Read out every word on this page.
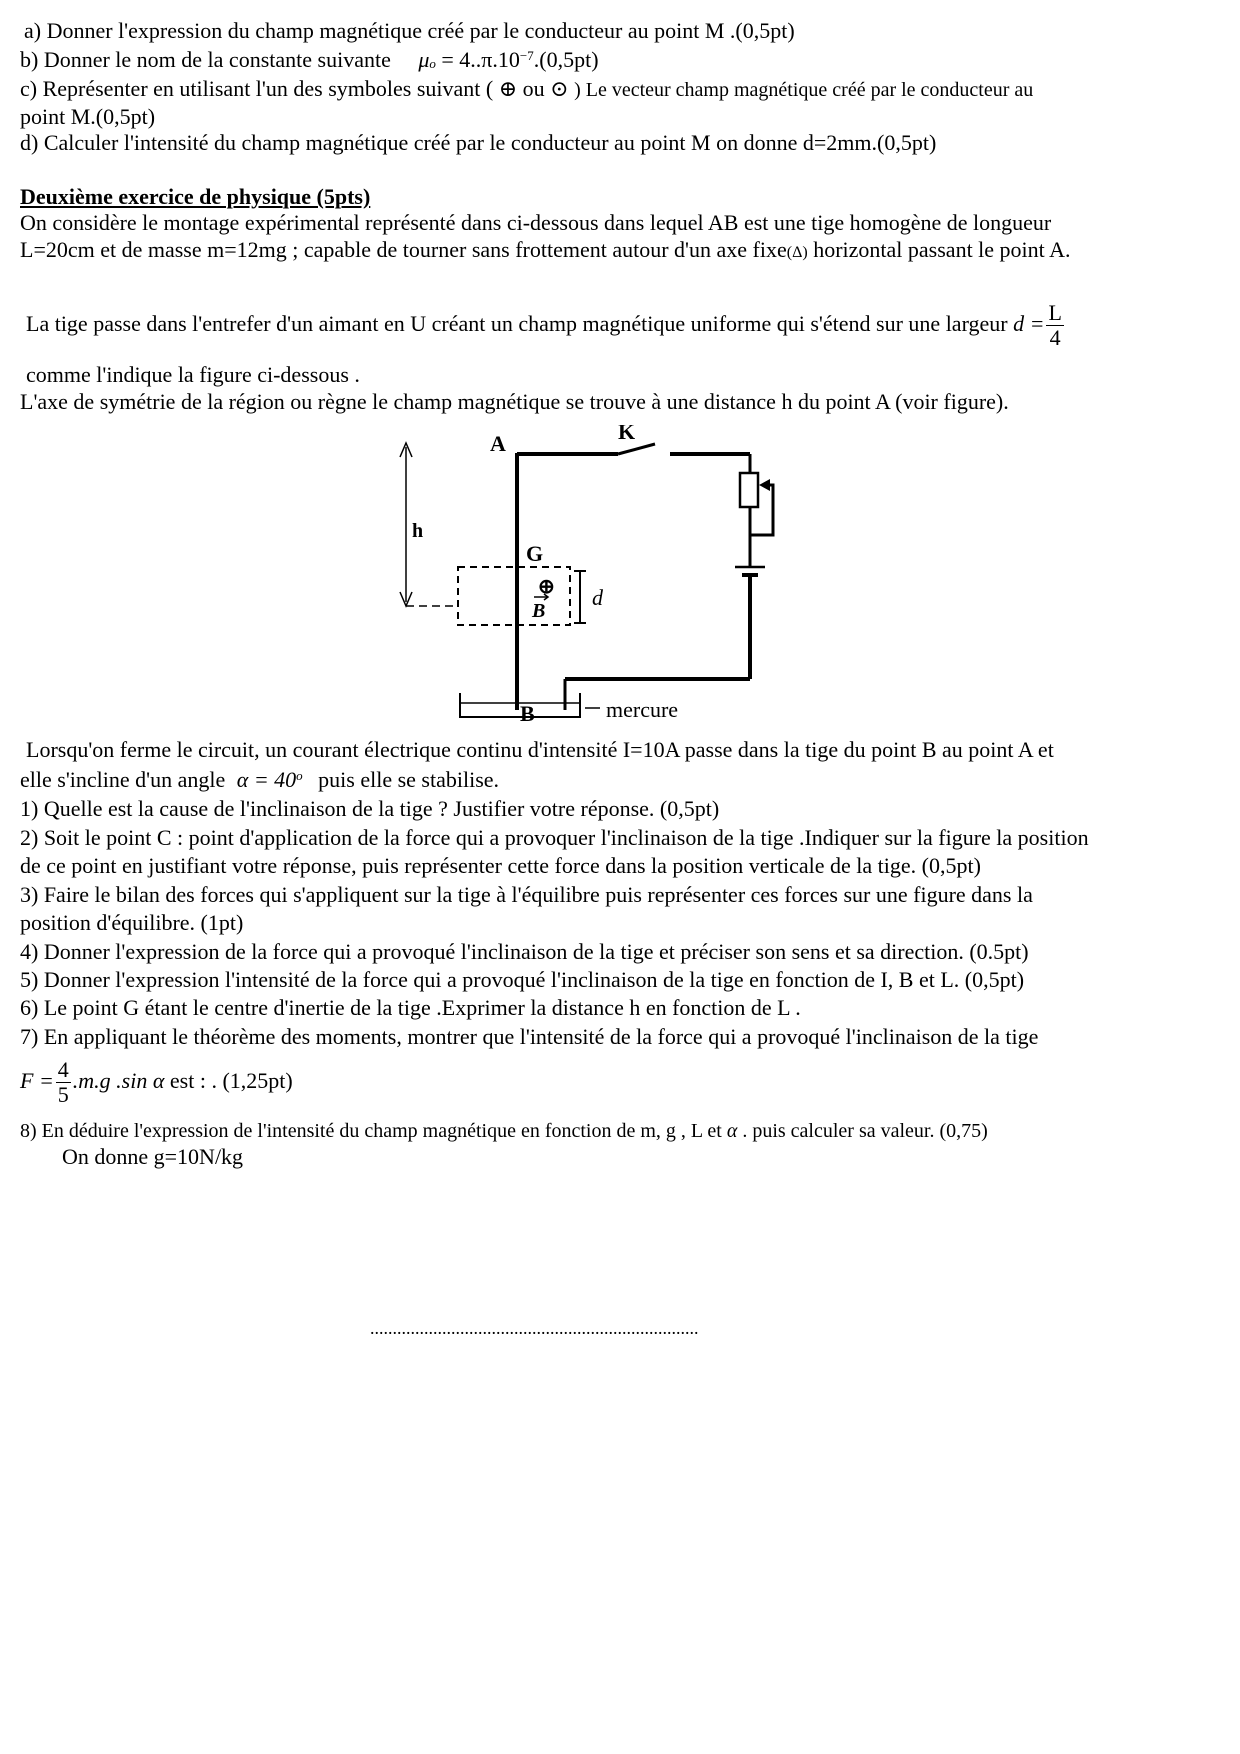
a) Donner l'expression du champ magnétique créé par le conducteur au point M .(0,5pt)
b) Donner le nom de la constante suivante $\mu_o = 4..\pi.10^{-7}.(0,5pt)$
c) Représenter en utilisant l'un des symboles suivant ( ⊕ ou ⊙ ) Le vecteur champ magnétique créé par le conducteur au
point M.(0,5pt)
d) Calculer l'intensité du champ magnétique créé par le conducteur au point M on donne d=2mm.(0,5pt)
Deuxième exercice de physique (5pts)
On considère le montage expérimental représenté dans ci-dessous dans lequel AB est une tige homogène de longueur
L=20cm et de masse m=12mg ; capable de tourner sans frottement autour d'un axe fixe(Δ) horizontal passant le point A.
La tige passe dans l'entrefer d'un aimant en U créant un champ magnétique uniforme qui s'étend sur une largeur $d = \frac{L}{4}$
comme l'indique la figure ci-dessous .
L'axe de symétrie de la région ou règne le champ magnétique se trouve à une distance h du point A (voir figure).
h
A	K
G
⊕
B
d
B	mercure
Lorsqu'on ferme le circuit, un courant électrique continu d'intensité I=10A passe dans la tige du point B au point A et
elle s'incline d'un angle $\alpha = 40^o$ puis elle se stabilise.
1) Quelle est la cause de l'inclinaison de la tige ? Justifier votre réponse. (0,5pt)
2) Soit le point C : point d'application de la force qui a provoquer l'inclinaison de la tige .Indiquer sur la figure la position
de ce point en justifiant votre réponse, puis représenter cette force dans la position verticale de la tige. (0,5pt)
3) Faire le bilan des forces qui s'appliquent sur la tige à l'équilibre puis représenter ces forces sur une figure dans la
position d'équilibre. (1pt)
4) Donner l'expression de la force qui a provoqué l'inclinaison de la tige et préciser son sens et sa direction. (0.5pt)
5) Donner l'expression l'intensité de la force qui a provoqué l'inclinaison de la tige en fonction de I, B et L. (0,5pt)
6) Le point G étant le centre d'inertie de la tige .Exprimer la distance h en fonction de L .
7) En appliquant le théorème des moments, montrer que l'intensité de la force qui a provoqué l'inclinaison de la tige
$F = \frac{4}{5} .m.g$ .sin α est : . (1,25pt)
8) En déduire l'expression de l'intensité du champ magnétique en fonction de m, g , L et α . puis calculer sa valeur. (0,75)
On donne g=10N/kg
.........................................................................
